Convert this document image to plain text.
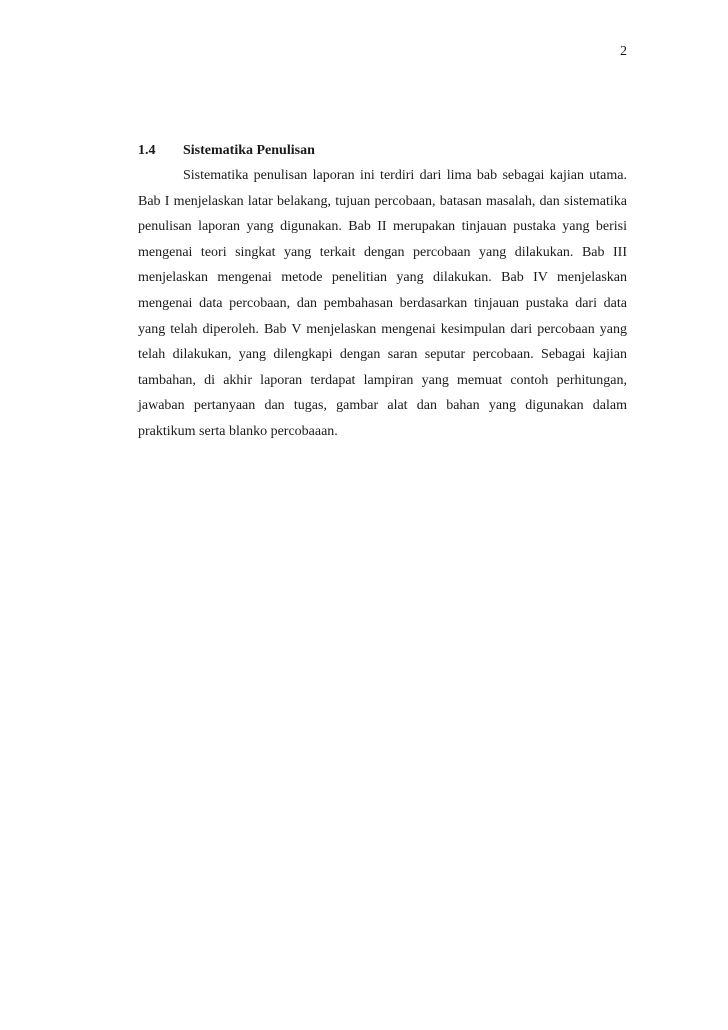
2
1.4	Sistematika Penulisan

Sistematika penulisan laporan ini terdiri dari lima bab sebagai kajian utama. Bab I menjelaskan latar belakang, tujuan percobaan, batasan masalah, dan sistematika penulisan laporan yang digunakan. Bab II merupakan tinjauan pustaka yang berisi mengenai teori singkat yang terkait dengan percobaan yang dilakukan. Bab III menjelaskan mengenai metode penelitian yang dilakukan. Bab IV menjelaskan mengenai data percobaan, dan pembahasan berdasarkan tinjauan pustaka dari data yang telah diperoleh. Bab V menjelaskan mengenai kesimpulan dari percobaan yang telah dilakukan, yang dilengkapi dengan saran seputar percobaan. Sebagai kajian tambahan, di akhir laporan terdapat lampiran yang memuat contoh perhitungan, jawaban pertanyaan dan tugas, gambar alat dan bahan yang digunakan dalam praktikum serta blanko percobaaan.
